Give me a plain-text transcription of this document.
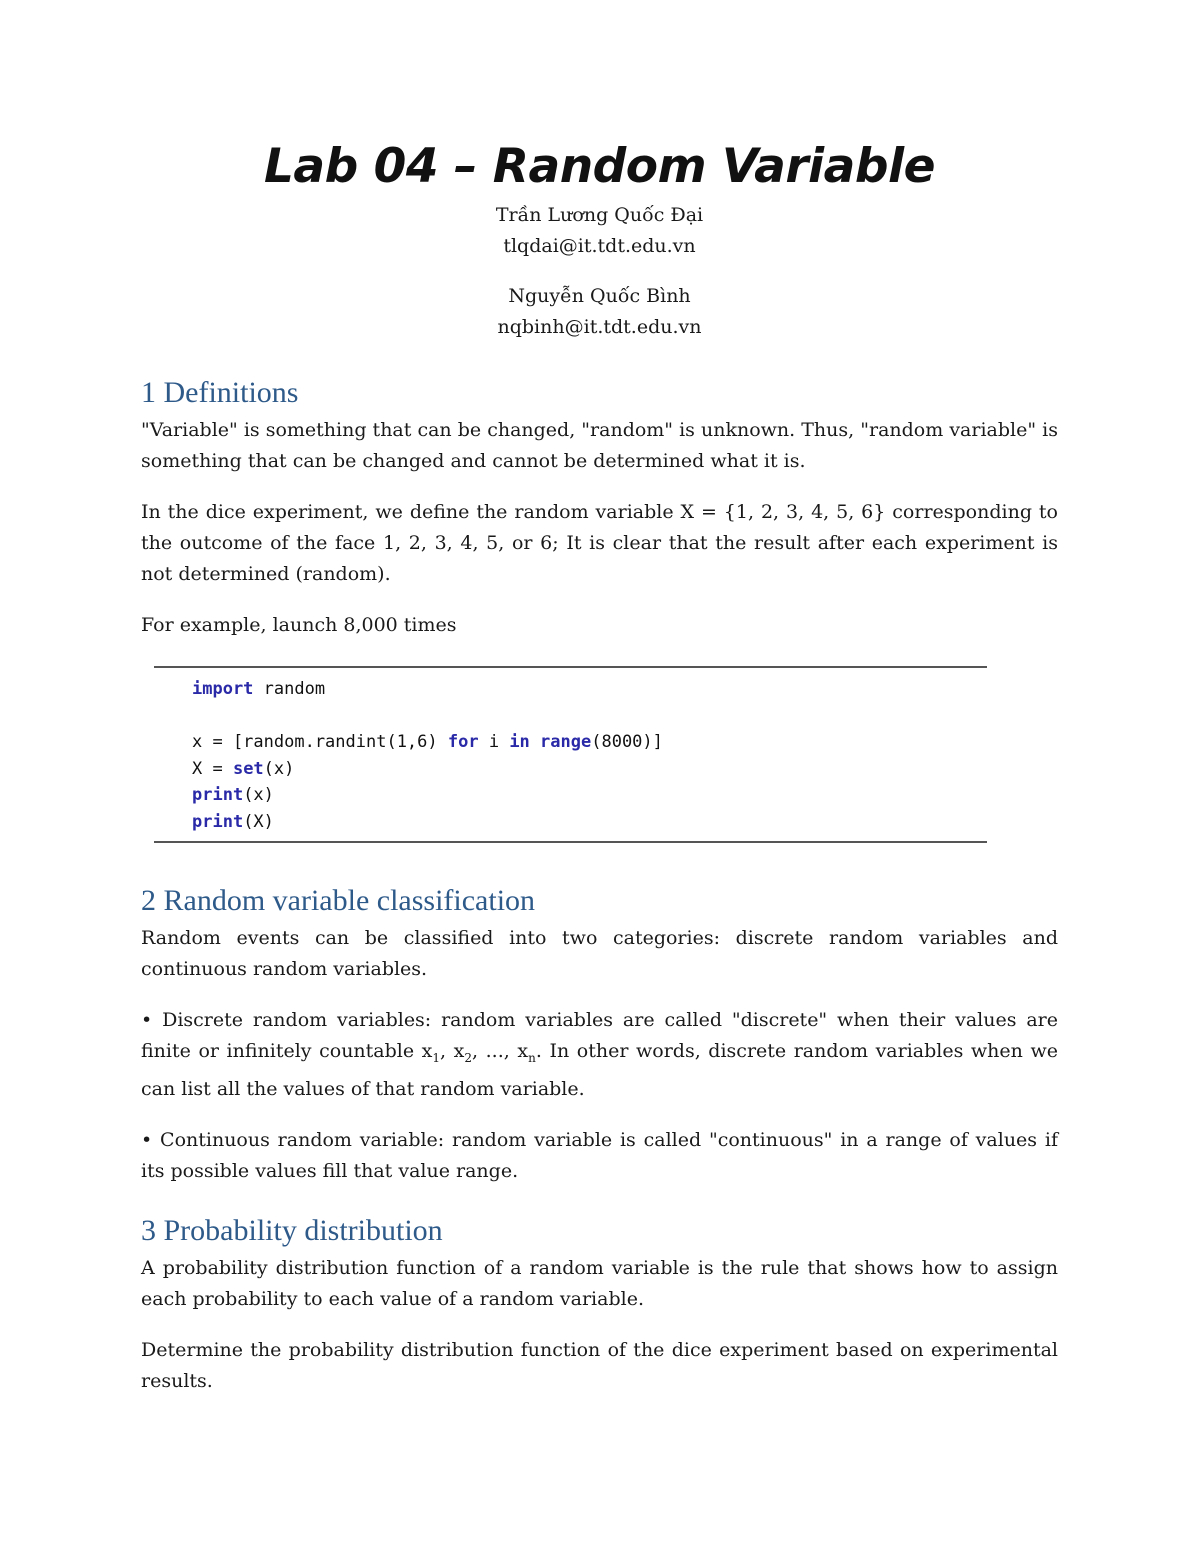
Lab 04 – Random Variable

Trần Lương Quốc Đại

tlqdai@it.tdt.edu.vn

Nguyễn Quốc Bình

nqbinh@it.tdt.edu.vn

1 Definitions

"Variable" is something that can be changed, "random" is unknown. Thus, "random variable" is something that can be changed and cannot be determined what it is.

In the dice experiment, we define the random variable X = {1, 2, 3, 4, 5, 6} corresponding to the outcome of the face 1, 2, 3, 4, 5, or 6; It is clear that the result after each experiment is not determined (random).

For example, launch 8,000 times

import random
x = [random.randint(1,6) for i in range(8000)]
X = set(x)
print(x)
print(X)
2 Random variable classification

Random events can be classified into two categories: discrete random variables and continuous random variables.

• Discrete random variables: random variables are called "discrete" when their values are finite or infinitely countable $x_1$, $x_2$, ..., $x_n$. In other words, discrete random variables when we can list all the values of that random variable.

• Continuous random variable: random variable is called "continuous" in a range of values if its possible values fill that value range.

3 Probability distribution

A probability distribution function of a random variable is the rule that shows how to assign each probability to each value of a random variable.

Determine the probability distribution function of the dice experiment based on experimental results.
